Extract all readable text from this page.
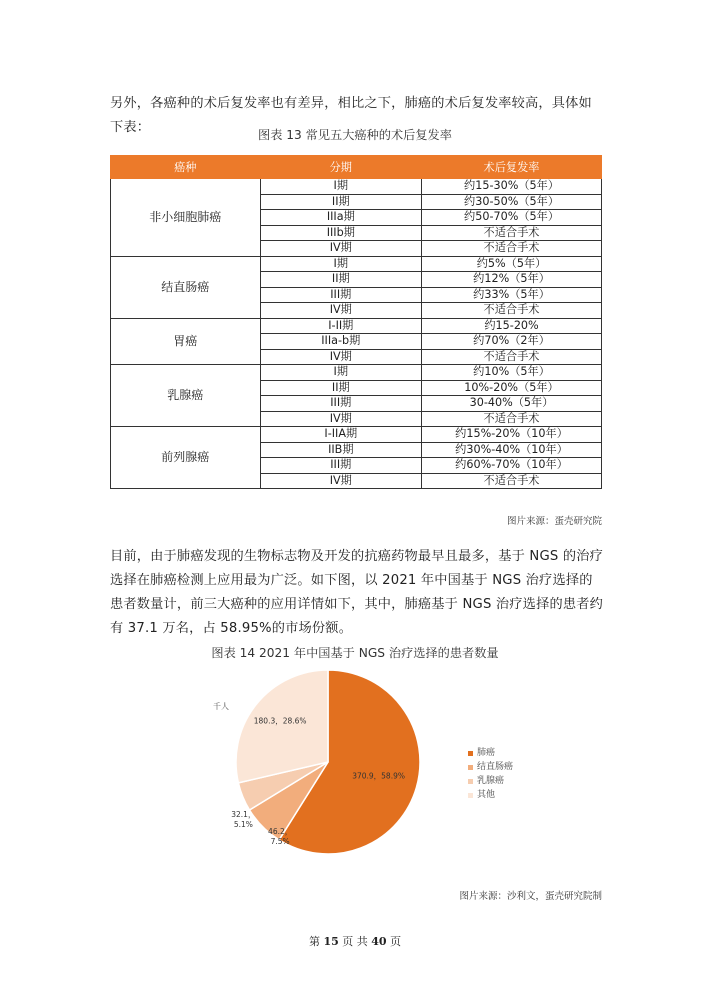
另外，各癌种的术后复发率也有差异，相比之下，肺癌的术后复发率较高，具体如下表：	图表 13 常见五大癌种的术后复发率
癌种	分期	术后复发率
非小细胞肺癌	I期	约15-30%（5年）
	II期	约30-50%（5年）
	IIIa期	约50-70%（5年）
	IIIb期	不适合手术
	IV期	不适合手术
结直肠癌	I期	约5%（5年）
	II期	约12%（5年）
	III期	约33%（5年）
	IV期	不适合手术
胃癌	I-II期	约15-20%
	IIIa-b期	约70%（2年）
	IV期	不适合手术
乳腺癌	I期	约10%（5年）
	II期	10%-20%（5年）
	III期	30-40%（5年）
	IV期	不适合手术
前列腺癌	I-IIA期	约15%-20%（10年）
	IIB期	约30%-40%（10年）
	III期	约60%-70%（10年）
	IV期	不适合手术
图片来源：蛋壳研究院
目前，由于肺癌发现的生物标志物及开发的抗癌药物最早且最多，基于 NGS 的治疗选择在肺癌检测上应用最为广泛。如下图，以 2021 年中国基于 NGS 治疗选择的患者数量计，前三大癌种的应用详情如下，其中，肺癌基于 NGS 治疗选择的患者约有 37.1 万名，占 58.95%的市场份额。
图表 14 2021 年中国基于 NGS 治疗选择的患者数量
千人
370.9，58.9%
46.2， 7.5%
32.1， 5.1%
180.3，28.6%
肺癌
结直肠癌
乳腺癌
其他
图片来源：沙利文，蛋壳研究院制
第 15 页 共 40 页
